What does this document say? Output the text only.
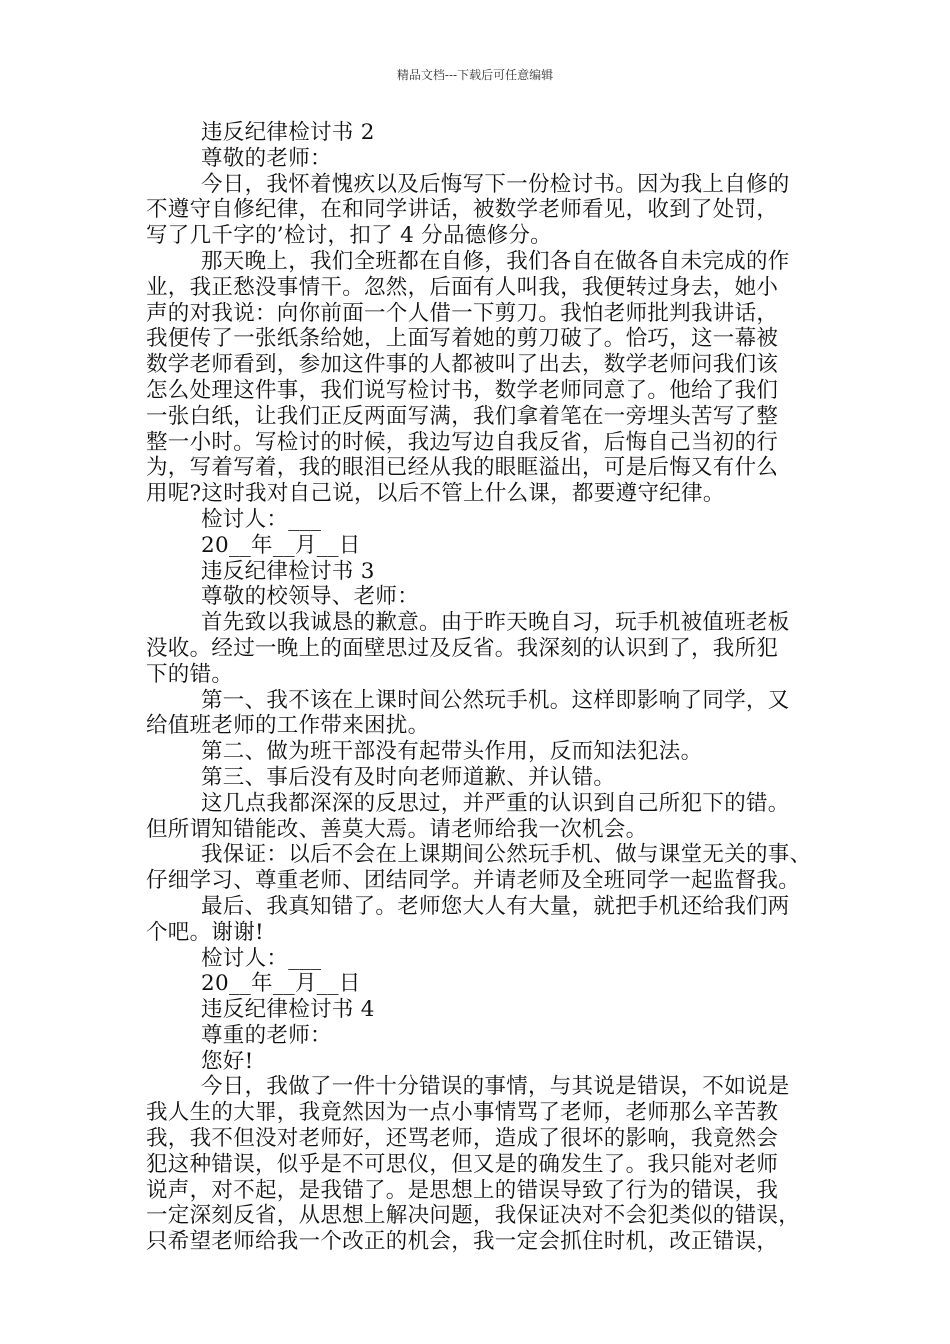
精品文档---下载后可任意编辑
违反纪律检讨书 2
尊敬的老师：
今日，我怀着愧疚以及后悔写下一份检讨书。因为我上自修的
不遵守自修纪律，在和同学讲话，被数学老师看见，收到了处罚，
写了几千字的’检讨，扣了 4 分品德修分。
那天晚上，我们全班都在自修，我们各自在做各自未完成的作
业，我正愁没事情干。忽然，后面有人叫我，我便转过身去，她小
声的对我说：向你前面一个人借一下剪刀。我怕老师批判我讲话，
我便传了一张纸条给她，上面写着她的剪刀破了。恰巧，这一幕被
数学老师看到，参加这件事的人都被叫了出去，数学老师问我们该
怎么处理这件事，我们说写检讨书，数学老师同意了。他给了我们
一张白纸，让我们正反两面写满，我们拿着笔在一旁埋头苦写了整
整一小时。写检讨的时候，我边写边自我反省，后悔自己当初的行
为，写着写着，我的眼泪已经从我的眼眶溢出，可是后悔又有什么
用呢?这时我对自己说，以后不管上什么课，都要遵守纪律。
检讨人：___
20__年__月__日
违反纪律检讨书 3
尊敬的校领导、老师：
首先致以我诚恳的歉意。由于昨天晚自习，玩手机被值班老板
没收。经过一晚上的面壁思过及反省。我深刻的认识到了，我所犯
下的错。
第一、我不该在上课时间公然玩手机。这样即影响了同学，又
给值班老师的工作带来困扰。
第二、做为班干部没有起带头作用，反而知法犯法。
第三、事后没有及时向老师道歉、并认错。
这几点我都深深的反思过，并严重的认识到自己所犯下的错。
但所谓知错能改、善莫大焉。请老师给我一次机会。
我保证：以后不会在上课期间公然玩手机、做与课堂无关的事、
仔细学习、尊重老师、团结同学。并请老师及全班同学一起监督我。
最后、我真知错了。老师您大人有大量，就把手机还给我们两
个吧。谢谢!
检讨人：___
20__年__月__日
违反纪律检讨书 4
尊重的老师：
您好!
今日，我做了一件十分错误的事情，与其说是错误，不如说是
我人生的大罪，我竟然因为一点小事情骂了老师，老师那么辛苦教
我，我不但没对老师好，还骂老师，造成了很坏的影响，我竟然会
犯这种错误，似乎是不可思仪，但又是的确发生了。我只能对老师
说声，对不起，是我错了。是思想上的错误导致了行为的错误，我
一定深刻反省，从思想上解决问题，我保证决对不会犯类似的错误，
只希望老师给我一个改正的机会，我一定会抓住时机，改正错误，
